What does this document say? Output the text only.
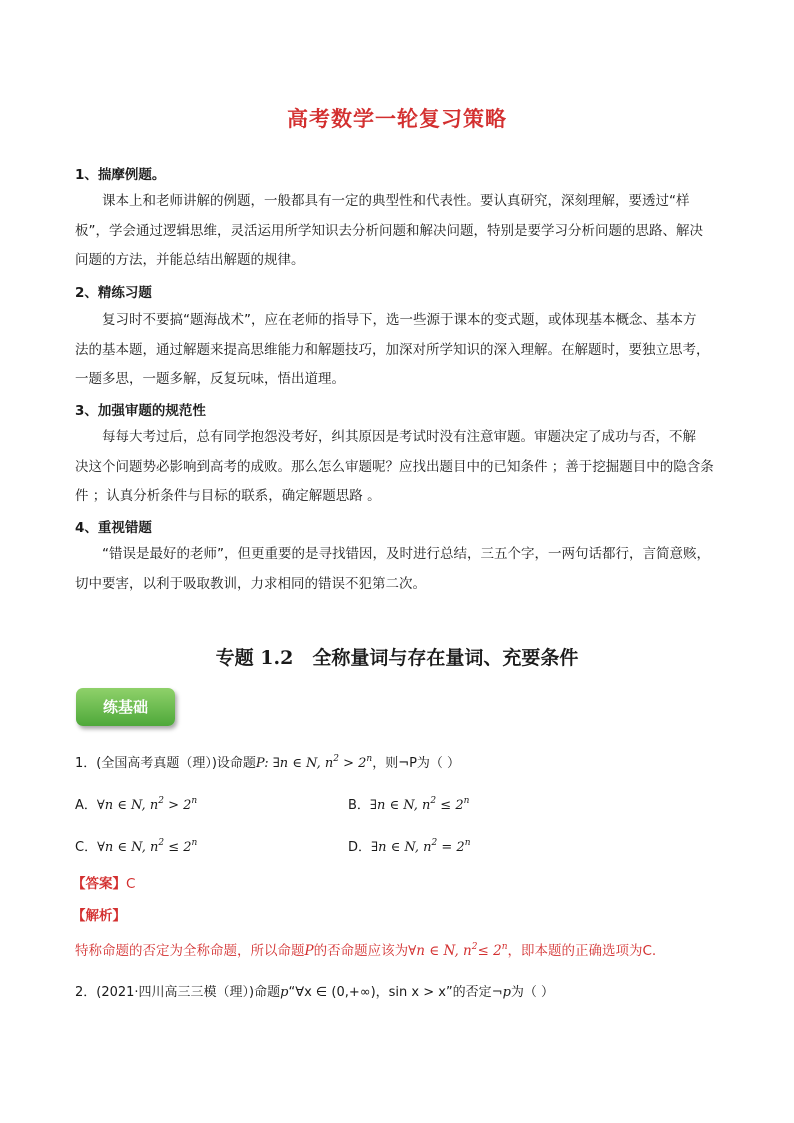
高考数学一轮复习策略
1、揣摩例题。
课本上和老师讲解的例题，一般都具有一定的典型性和代表性。要认真研究，深刻理解，要透过“样
板”，学会通过逻辑思维，灵活运用所学知识去分析问题和解决问题，特别是要学习分析问题的思路、解决
问题的方法，并能总结出解题的规律。
2、精练习题
复习时不要搞“题海战术”，应在老师的指导下，选一些源于课本的变式题，或体现基本概念、基本方
法的基本题，通过解题来提高思维能力和解题技巧，加深对所学知识的深入理解。在解题时，要独立思考，
一题多思，一题多解，反复玩味，悟出道理。
3、加强审题的规范性
每每大考过后，总有同学抱怨没考好，纠其原因是考试时没有注意审题。审题决定了成功与否，不解
决这个问题势必影响到高考的成败。那么怎么审题呢？应找出题目中的已知条件 ；善于挖掘题目中的隐含条
件 ；认真分析条件与目标的联系，确定解题思路 。
4、重视错题
“错误是最好的老师”，但更重要的是寻找错因，及时进行总结，三五个字，一两句话都行，言简意赅，
切中要害，以利于吸取教训，力求相同的错误不犯第二次。
专题 1.2　全称量词与存在量词、充要条件
练基础
1．(全国高考真题（理）)设命题P: ∃n ∈ N, $n^2 > 2^n$，则¬P为（ ）
A．∀n ∈ N, $n^2 > 2^n$	B．∃n ∈ N, $n^2 \le 2^n$
C．∀n ∈ N, $n^2 \le 2^n$	D．∃n ∈ N, $n^2 = 2^n$
【答案】C
【解析】
特称命题的否定为全称命题，所以命题P的否命题应该为∀n ∈ N, $n^2\le 2^n$，即本题的正确选项为C.
2．(2021·四川高三三模（理）)命题p“∀x ∈ (0,+∞)，sin x > x”的否定¬p为（ ）
